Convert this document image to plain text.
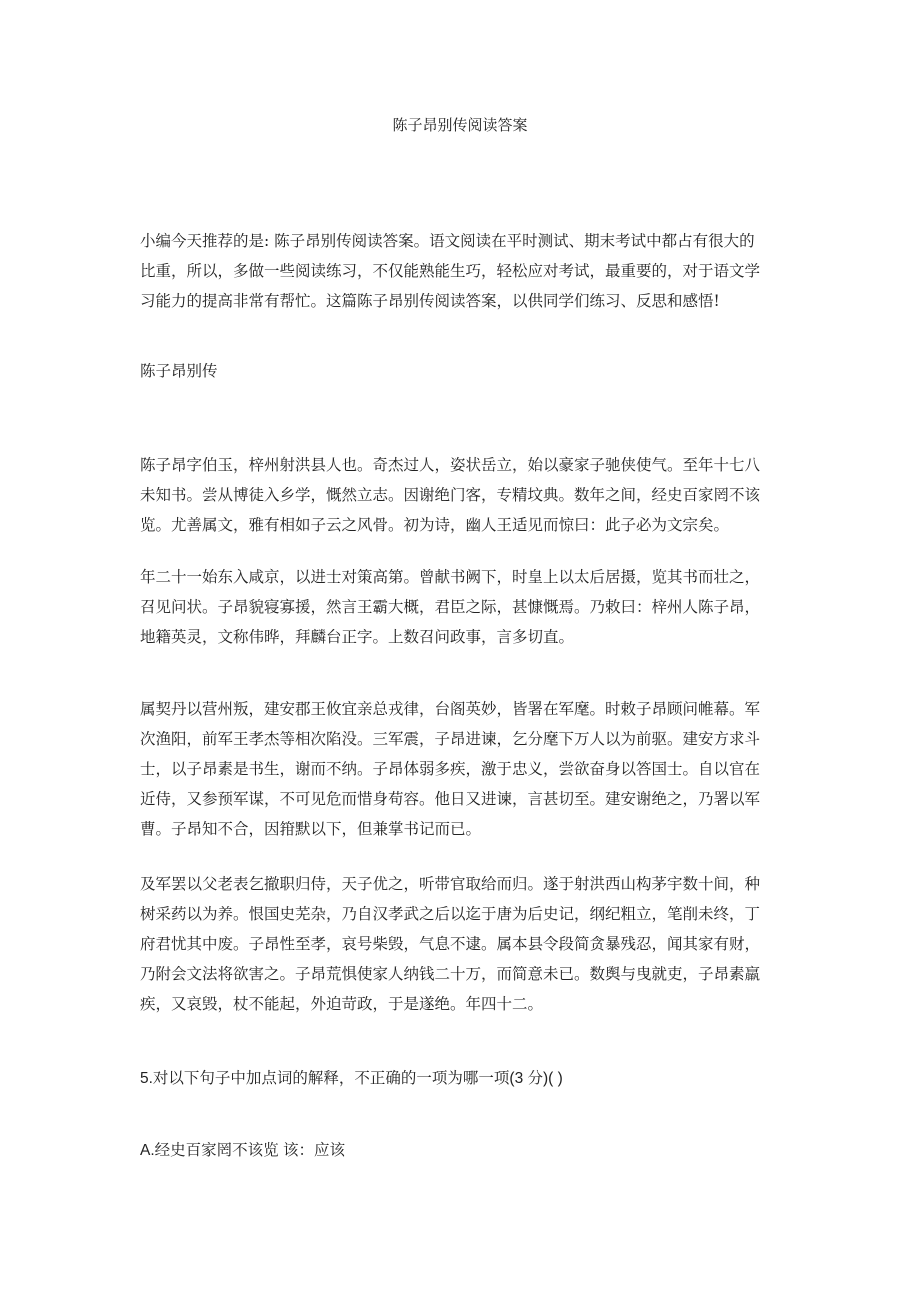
陈子昂别传阅读答案
小编今天推荐的是: 陈子昂别传阅读答案。语文阅读在平时测试、期末考试中都占有很大的
比重，所以，多做一些阅读练习，不仅能熟能生巧，轻松应对考试，最重要的，对于语文学
习能力的提高非常有帮忙。这篇陈子昂别传阅读答案，以供同学们练习、反思和感悟!
陈子昂别传
陈子昂字伯玉，梓州射洪县人也。奇杰过人，姿状岳立，始以豪家子驰侠使气。至年十七八
未知书。尝从博徒入乡学，慨然立志。因谢绝门客，专精坟典。数年之间，经史百家罔不该
览。尤善属文，雅有相如子云之风骨。初为诗，幽人王适见而惊曰：此子必为文宗矣。
年二十一始东入咸京，以进士对策高第。曾献书阙下，时皇上以太后居摄，览其书而壮之，
召见问状。子昂貌寝寡援，然言王霸大概，君臣之际，甚慷慨焉。乃敕曰：梓州人陈子昂，
地籍英灵，文称伟晔，拜麟台正字。上数召问政事，言多切直。
属契丹以营州叛，建安郡王攸宜亲总戎律，台阁英妙，皆署在军麾。时敕子昂顾问帷幕。军
次渔阳，前军王孝杰等相次陷没。三军震，子昂进谏，乞分麾下万人以为前驱。建安方求斗
士，以子昂素是书生，谢而不纳。子昂体弱多疾，激于忠义，尝欲奋身以答国士。自以官在
近侍，又参预军谋，不可见危而惜身苟容。他日又进谏，言甚切至。建安谢绝之，乃署以军
曹。子昂知不合，因箝默以下，但兼掌书记而已。
及军罢以父老表乞撤职归侍，天子优之，听带官取给而归。遂于射洪西山构茅宇数十间，种
树采药以为养。恨国史芜杂，乃自汉孝武之后以迄于唐为后史记，纲纪粗立，笔削未终，丁
府君忧其中废。子昂性至孝，哀号柴毁，气息不逮。属本县令段简贪暴残忍，闻其家有财，
乃附会文法将欲害之。子昂荒惧使家人纳钱二十万，而简意未已。数舆与曳就吏，子昂素羸
疾，又哀毁，杖不能起，外迫苛政，于是遂绝。年四十二。
5.对以下句子中加点词的解释，不正确的一项为哪一项(3 分)( )
A.经史百家罔不该览 该：应该
